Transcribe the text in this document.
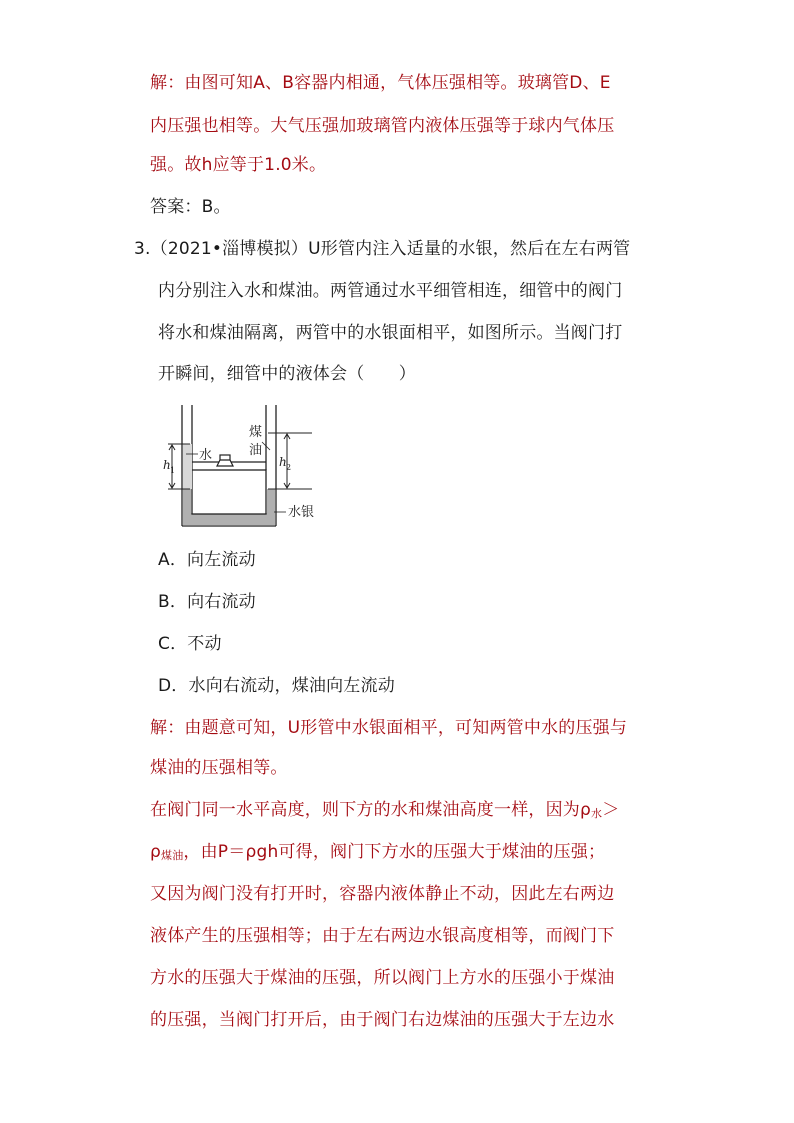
解：由图可知A、B容器内相通，气体压强相等。玻璃管D、E
内压强也相等。大气压强加玻璃管内液体压强等于球内气体压
强。故h应等于1.0米。
答案：B。
3.（2021•淄博模拟）U形管内注入适量的水银，然后在左右两管
内分别注入水和煤油。两管通过水平细管相连，细管中的阀门
将水和煤油隔离，两管中的水银面相平，如图所示。当阀门打
开瞬间，细管中的液体会（　　）
水
煤
油
水银
h 1
h 2
A．向左流动
B．向右流动
C．不动
D．水向右流动，煤油向左流动
解：由题意可知，U形管中水银面相平，可知两管中水的压强与
煤油的压强相等。
在阀门同一水平高度，则下方的水和煤油高度一样，因为ρ水＞
ρ煤油，由P＝ρgh可得，阀门下方水的压强大于煤油的压强；
又因为阀门没有打开时，容器内液体静止不动，因此左右两边
液体产生的压强相等；由于左右两边水银高度相等，而阀门下
方水的压强大于煤油的压强，所以阀门上方水的压强小于煤油
的压强，当阀门打开后，由于阀门右边煤油的压强大于左边水
